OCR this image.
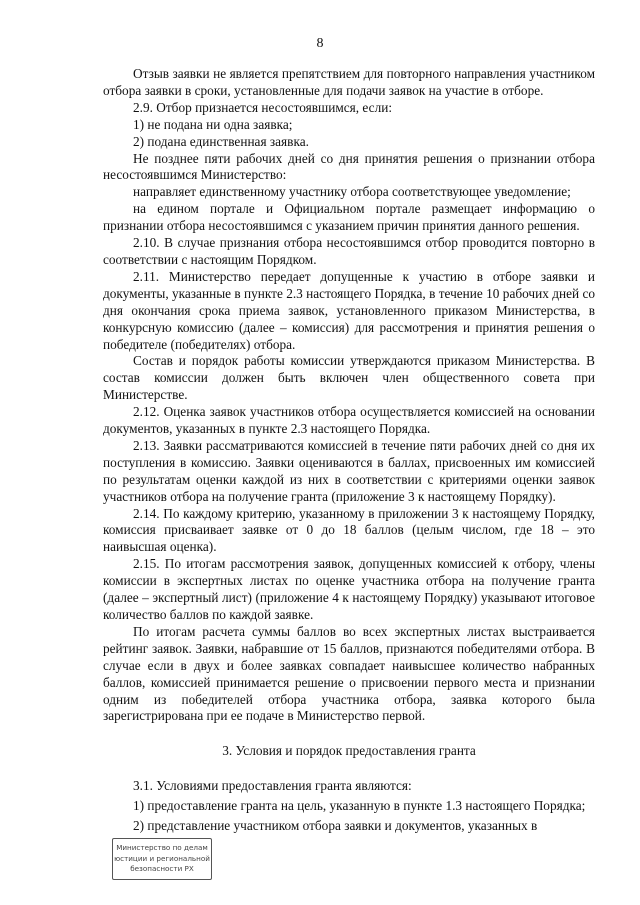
8

Отзыв заявки не является препятствием для повторного направления участником отбора заявки в сроки, установленные для подачи заявок на участие в отборе.

2.9. Отбор признается несостоявшимся, если:

1) не подана ни одна заявка;

2) подана единственная заявка.

Не позднее пяти рабочих дней со дня принятия решения о признании отбора несостоявшимся Министерство:

направляет единственному участнику отбора соответствующее уведомление;

на едином портале и Официальном портале размещает информацию о признании отбора несостоявшимся с указанием причин принятия данного решения.

2.10. В случае признания отбора несостоявшимся отбор проводится повторно в соответствии с настоящим Порядком.

2.11. Министерство передает допущенные к участию в отборе заявки и документы, указанные в пункте 2.3 настоящего Порядка, в течение 10 рабочих дней со дня окончания срока приема заявок, установленного приказом Министерства, в конкурсную комиссию (далее – комиссия) для рассмотрения и принятия решения о победителе (победителях) отбора.

Состав и порядок работы комиссии утверждаются приказом Министерства. В состав комиссии должен быть включен член общественного совета при Министерстве.

2.12. Оценка заявок участников отбора осуществляется комиссией на основании документов, указанных в пункте 2.3 настоящего Порядка.

2.13. Заявки рассматриваются комиссией в течение пяти рабочих дней со дня их поступления в комиссию. Заявки оцениваются в баллах, присвоенных им комиссией по результатам оценки каждой из них в соответствии с критериями оценки заявок участников отбора на получение гранта (приложение 3 к настоящему Порядку).

2.14. По каждому критерию, указанному в приложении 3 к настоящему Порядку, комиссия присваивает заявке от 0 до 18 баллов (целым числом, где 18 – это наивысшая оценка).

2.15. По итогам рассмотрения заявок, допущенных комиссией к отбору, члены комиссии в экспертных листах по оценке участника отбора на получение гранта (далее – экспертный лист) (приложение 4 к настоящему Порядку) указывают итоговое количество баллов по каждой заявке.

По итогам расчета суммы баллов во всех экспертных листах выстраивается рейтинг заявок. Заявки, набравшие от 15 баллов, признаются победителями отбора. В случае если в двух и более заявках совпадает наивысшее количество набранных баллов, комиссией принимается решение о присвоении первого места и признании одним из победителей отбора участника отбора, заявка которого была зарегистрирована при ее подаче в Министерство первой.

3. Условия и порядок предоставления гранта

3.1. Условиями предоставления гранта являются:

1) предоставление гранта на цель, указанную в пункте 1.3 настоящего Порядка;

2) представление участником отбора заявки и документов, указанных в

Министерство по делам
юстиции и региональной
безопасности РХ
